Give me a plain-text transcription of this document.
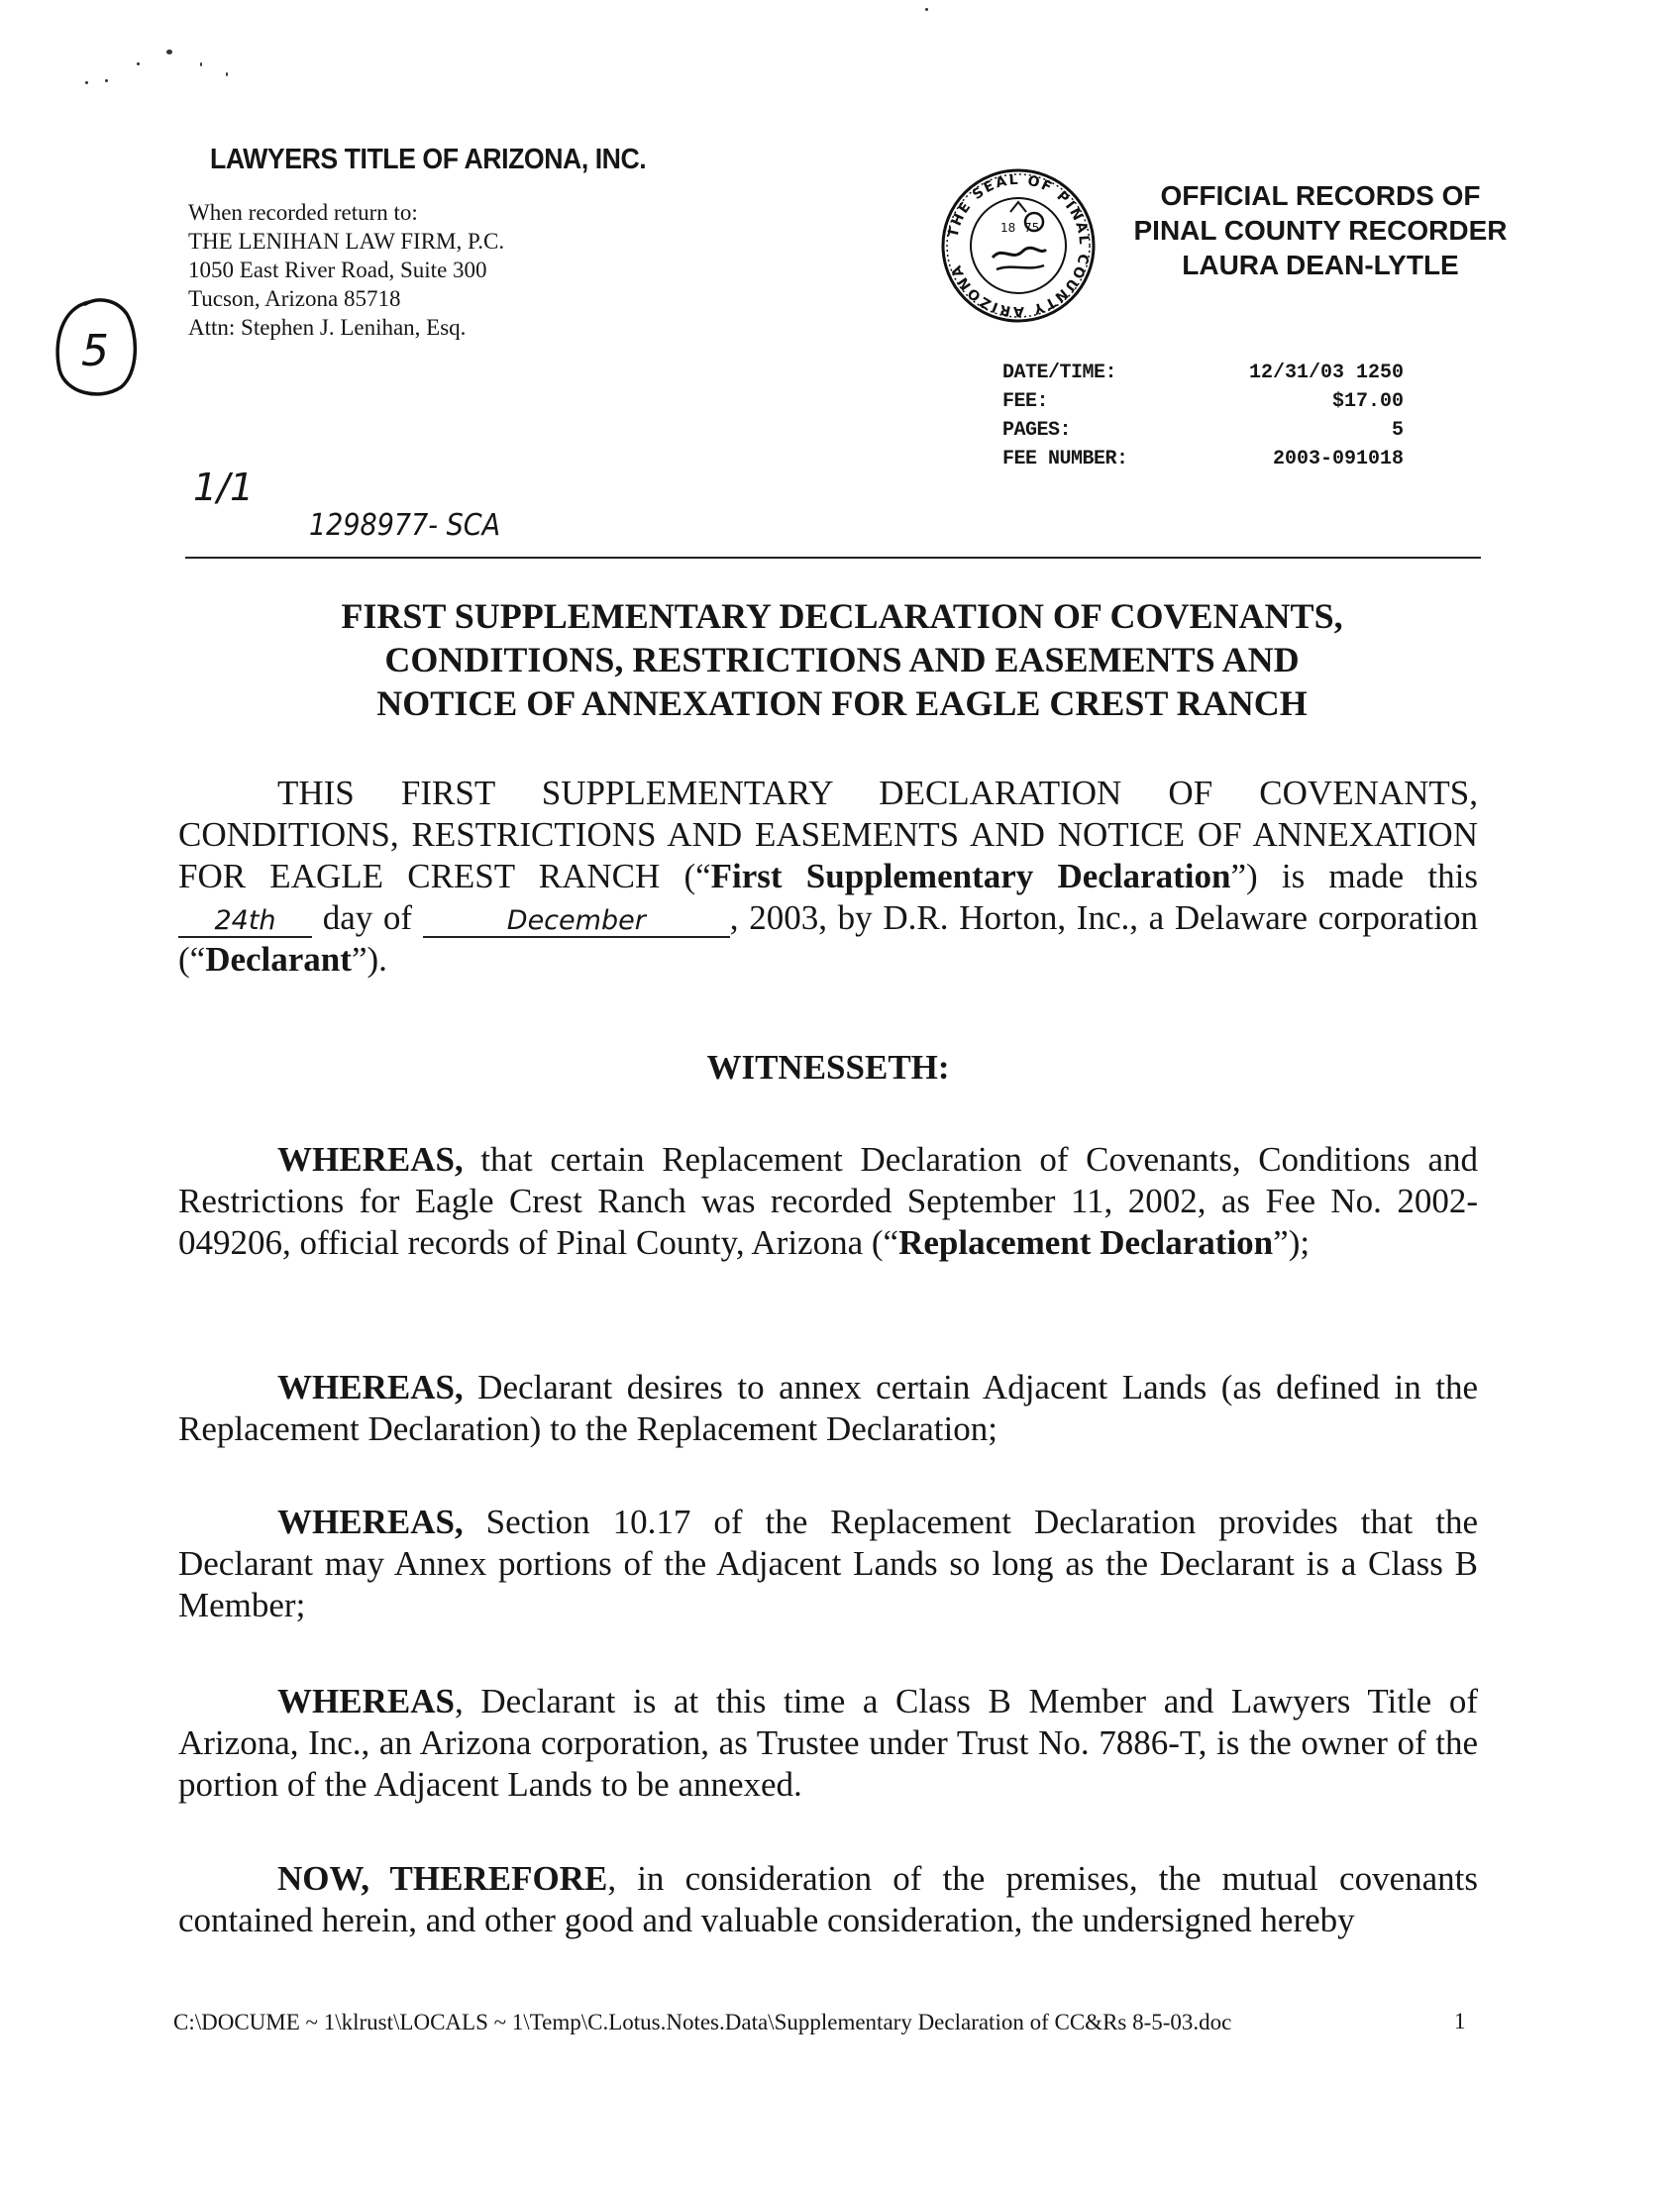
LAWYERS TITLE OF ARIZONA, INC.
When recorded return to:
THE LENIHAN LAW FIRM, P.C.
1050 East River Road, Suite 300
Tucson, Arizona 85718
Attn: Stephen J. Lenihan, Esq.
5
THE SEAL OF PINAL COUNTY ARIZONA
18 75
OFFICIAL RECORDS OF
PINAL COUNTY RECORDER
LAURA DEAN-LYTLE
DATE/TIME:	12/31/03 1250
FEE:	$17.00
PAGES:	5
FEE NUMBER:	2003-091018
1/1
1298977- SCA
FIRST SUPPLEMENTARY DECLARATION OF COVENANTS,
CONDITIONS, RESTRICTIONS AND EASEMENTS AND
NOTICE OF ANNEXATION FOR EAGLE CREST RANCH
THIS FIRST SUPPLEMENTARY DECLARATION OF COVENANTS, CONDITIONS, RESTRICTIONS AND EASEMENTS AND NOTICE OF ANNEXATION FOR EAGLE CREST RANCH (“First Supplementary Declaration”) is made this 24th day of	December , 2003, by D.R. Horton, Inc., a Delaware corporation (“Declarant”).
WITNESSETH:
WHEREAS, that certain Replacement Declaration of Covenants, Conditions and Restrictions for Eagle Crest Ranch was recorded September 11, 2002, as Fee No. 2002-049206, official records of Pinal County, Arizona (“Replacement Declaration”);
WHEREAS, Declarant desires to annex certain Adjacent Lands (as defined in the Replacement Declaration) to the Replacement Declaration;
WHEREAS, Section 10.17 of the Replacement Declaration provides that the Declarant may Annex portions of the Adjacent Lands so long as the Declarant is a Class B Member;
WHEREAS, Declarant is at this time a Class B Member and Lawyers Title of Arizona, Inc., an Arizona corporation, as Trustee under Trust No. 7886-T, is the owner of the portion of the Adjacent Lands to be annexed.
NOW, THEREFORE, in consideration of the premises, the mutual covenants contained herein, and other good and valuable consideration, the undersigned hereby
C:\DOCUME ~ 1\klrust\LOCALS ~ 1\Temp\C.Lotus.Notes.Data\Supplementary Declaration of CC&Rs 8-5-03.doc	1
